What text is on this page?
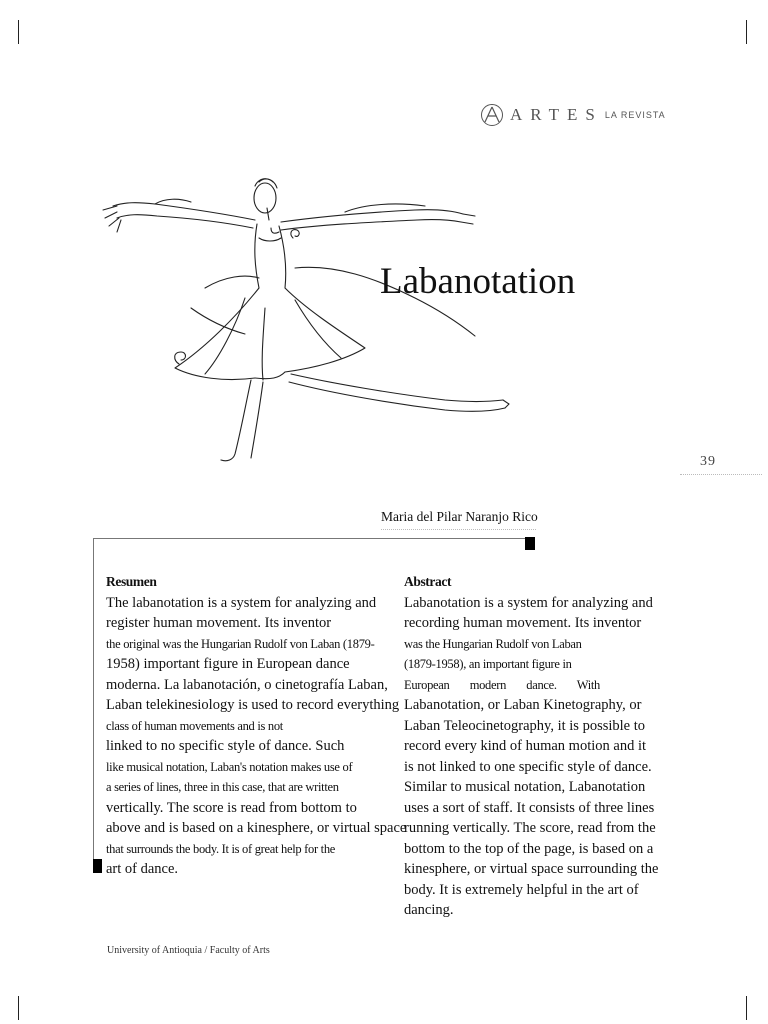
ARTES LA REVISTA
Labanotation
39
Maria del Pilar Naranjo Rico
Resumen
The labanotation is a system for analyzing and
register human movement. Its inventor
the original was the Hungarian Rudolf von Laban (1879-
1958) important figure in European dance
moderna. La labanotación, o cinetografía Laban,
Laban telekinesiology is used to record everything
class of human movements and is not
linked to no specific style of dance. Such
like musical notation, Laban's notation makes use of
a series of lines, three in this case, that are written
vertically. The score is read from bottom to
above and is based on a kinesphere, or virtual space
that surrounds the body. It is of great help for the
art of dance.
Abstract
Labanotation is a system for analyzing and
recording human movement. Its inventor
was the Hungarian Rudolf von Laban
(1879-1958), an important figure in
European modern dance. With
Labanotation, or Laban Kinetography, or
Laban Teleocinetography, it is possible to
record every kind of human motion and it
is not linked to one specific style of dance.
Similar to musical notation, Labanotation
uses a sort of staff. It consists of three lines
running vertically. The score, read from the
bottom to the top of the page, is based on a
kinesphere, or virtual space surrounding the
body. It is extremely helpful in the art of
dancing.
University of Antioquia / Faculty of Arts
